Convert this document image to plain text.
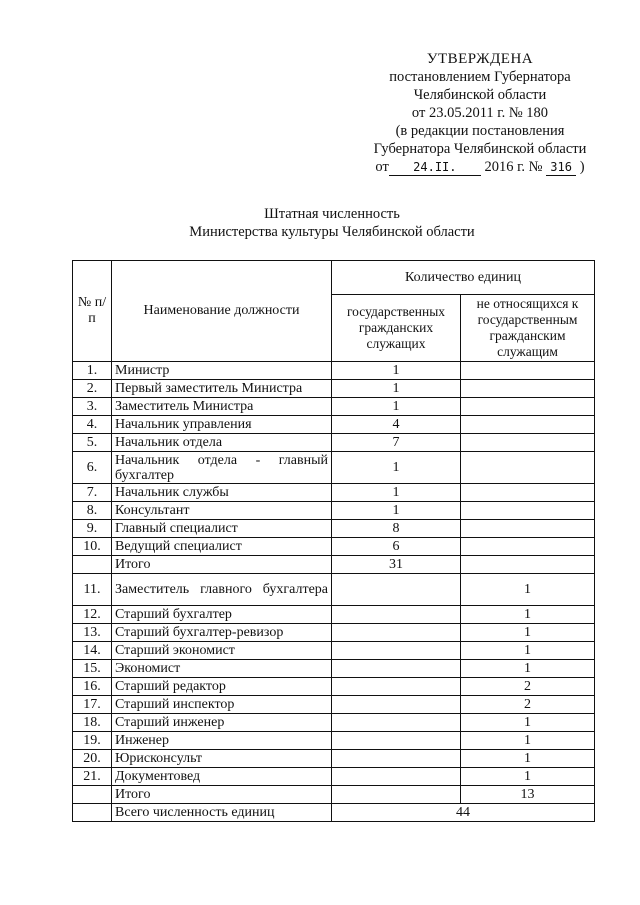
УТВЕРЖДЕНА
постановлением Губернатора
Челябинской области
от 23.05.2011 г. № 180
(в редакции постановления
Губернатора Челябинской области
от 24.II. 2016 г. № 316 )
Штатная численность
Министерства культуры Челябинской области
№ п/п	Наименование должности	Количество единиц	
		государственных гражданских служащих	не относящихся к государственным гражданским служащим
1.	Министр	1	
2.	Первый заместитель Министра	1	
3.	Заместитель Министра	1	
4.	Начальник управления	4	
5.	Начальник отдела	7	
6.	Начальник отдела - главный бухгалтер	1	
7.	Начальник службы	1	
8.	Консультант	1	
9.	Главный специалист	8	
10.	Ведущий специалист	6	
	Итого	31	
11.	Заместитель главного бухгалтера		1
12.	Старший бухгалтер		1
13.	Старший бухгалтер-ревизор		1
14.	Старший экономист		1
15.	Экономист		1
16.	Старший редактор		2
17.	Старший инспектор		2
18.	Старший инженер		1
19.	Инженер		1
20.	Юрисконсульт		1
21.	Документовед		1
	Итого		13
	Всего численность единиц	44	
